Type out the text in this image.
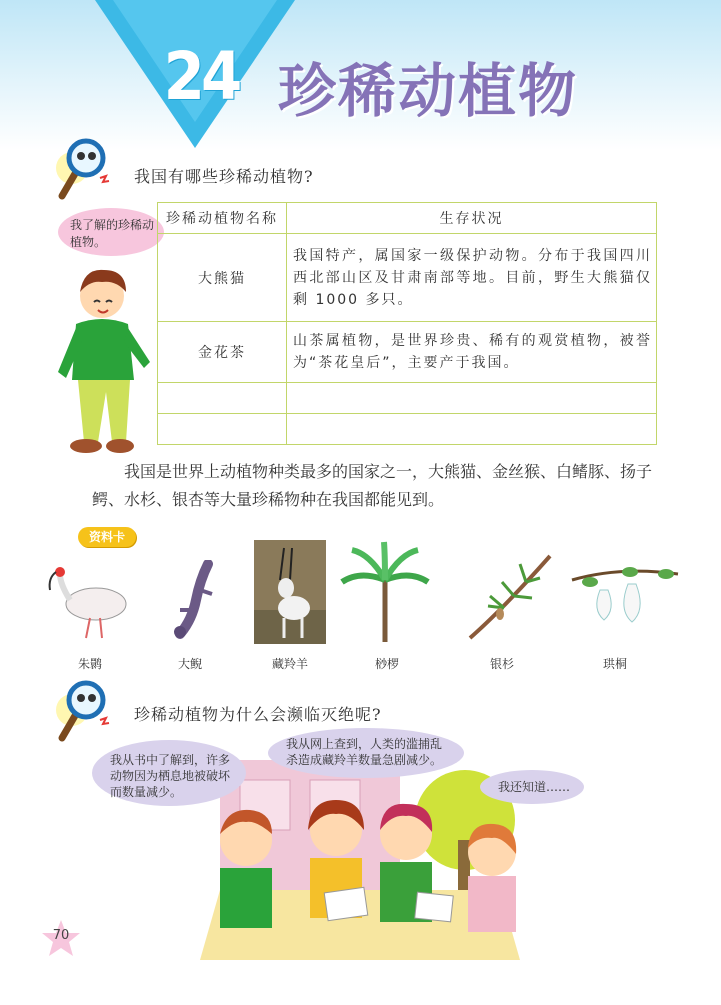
24 珍稀动植物
我国有哪些珍稀动植物?
我了解的珍稀动植物。
珍稀动植物名称	生存状况
大熊猫	我国特产，属国家一级保护动物。分布于我国四川西北部山区及甘肃南部等地。目前，野生大熊猫仅剩 1000 多只。
金花茶	山茶属植物，是世界珍贵、稀有的观赏植物，被誉为“茶花皇后”，主要产于我国。

我国是世界上动植物种类最多的国家之一，大熊猫、金丝猴、白鳍豚、扬子鳄、水杉、银杏等大量珍稀物种在我国都能见到。
资料卡
朱鹮	大鲵	藏羚羊	桫椤	银杉	珙桐
珍稀动植物为什么会濒临灭绝呢?
我从书中了解到，许多动物因为栖息地被破坏而数量减少。
我从网上查到，人类的滥捕乱杀造成藏羚羊数量急剧减少。
我还知道……
70
